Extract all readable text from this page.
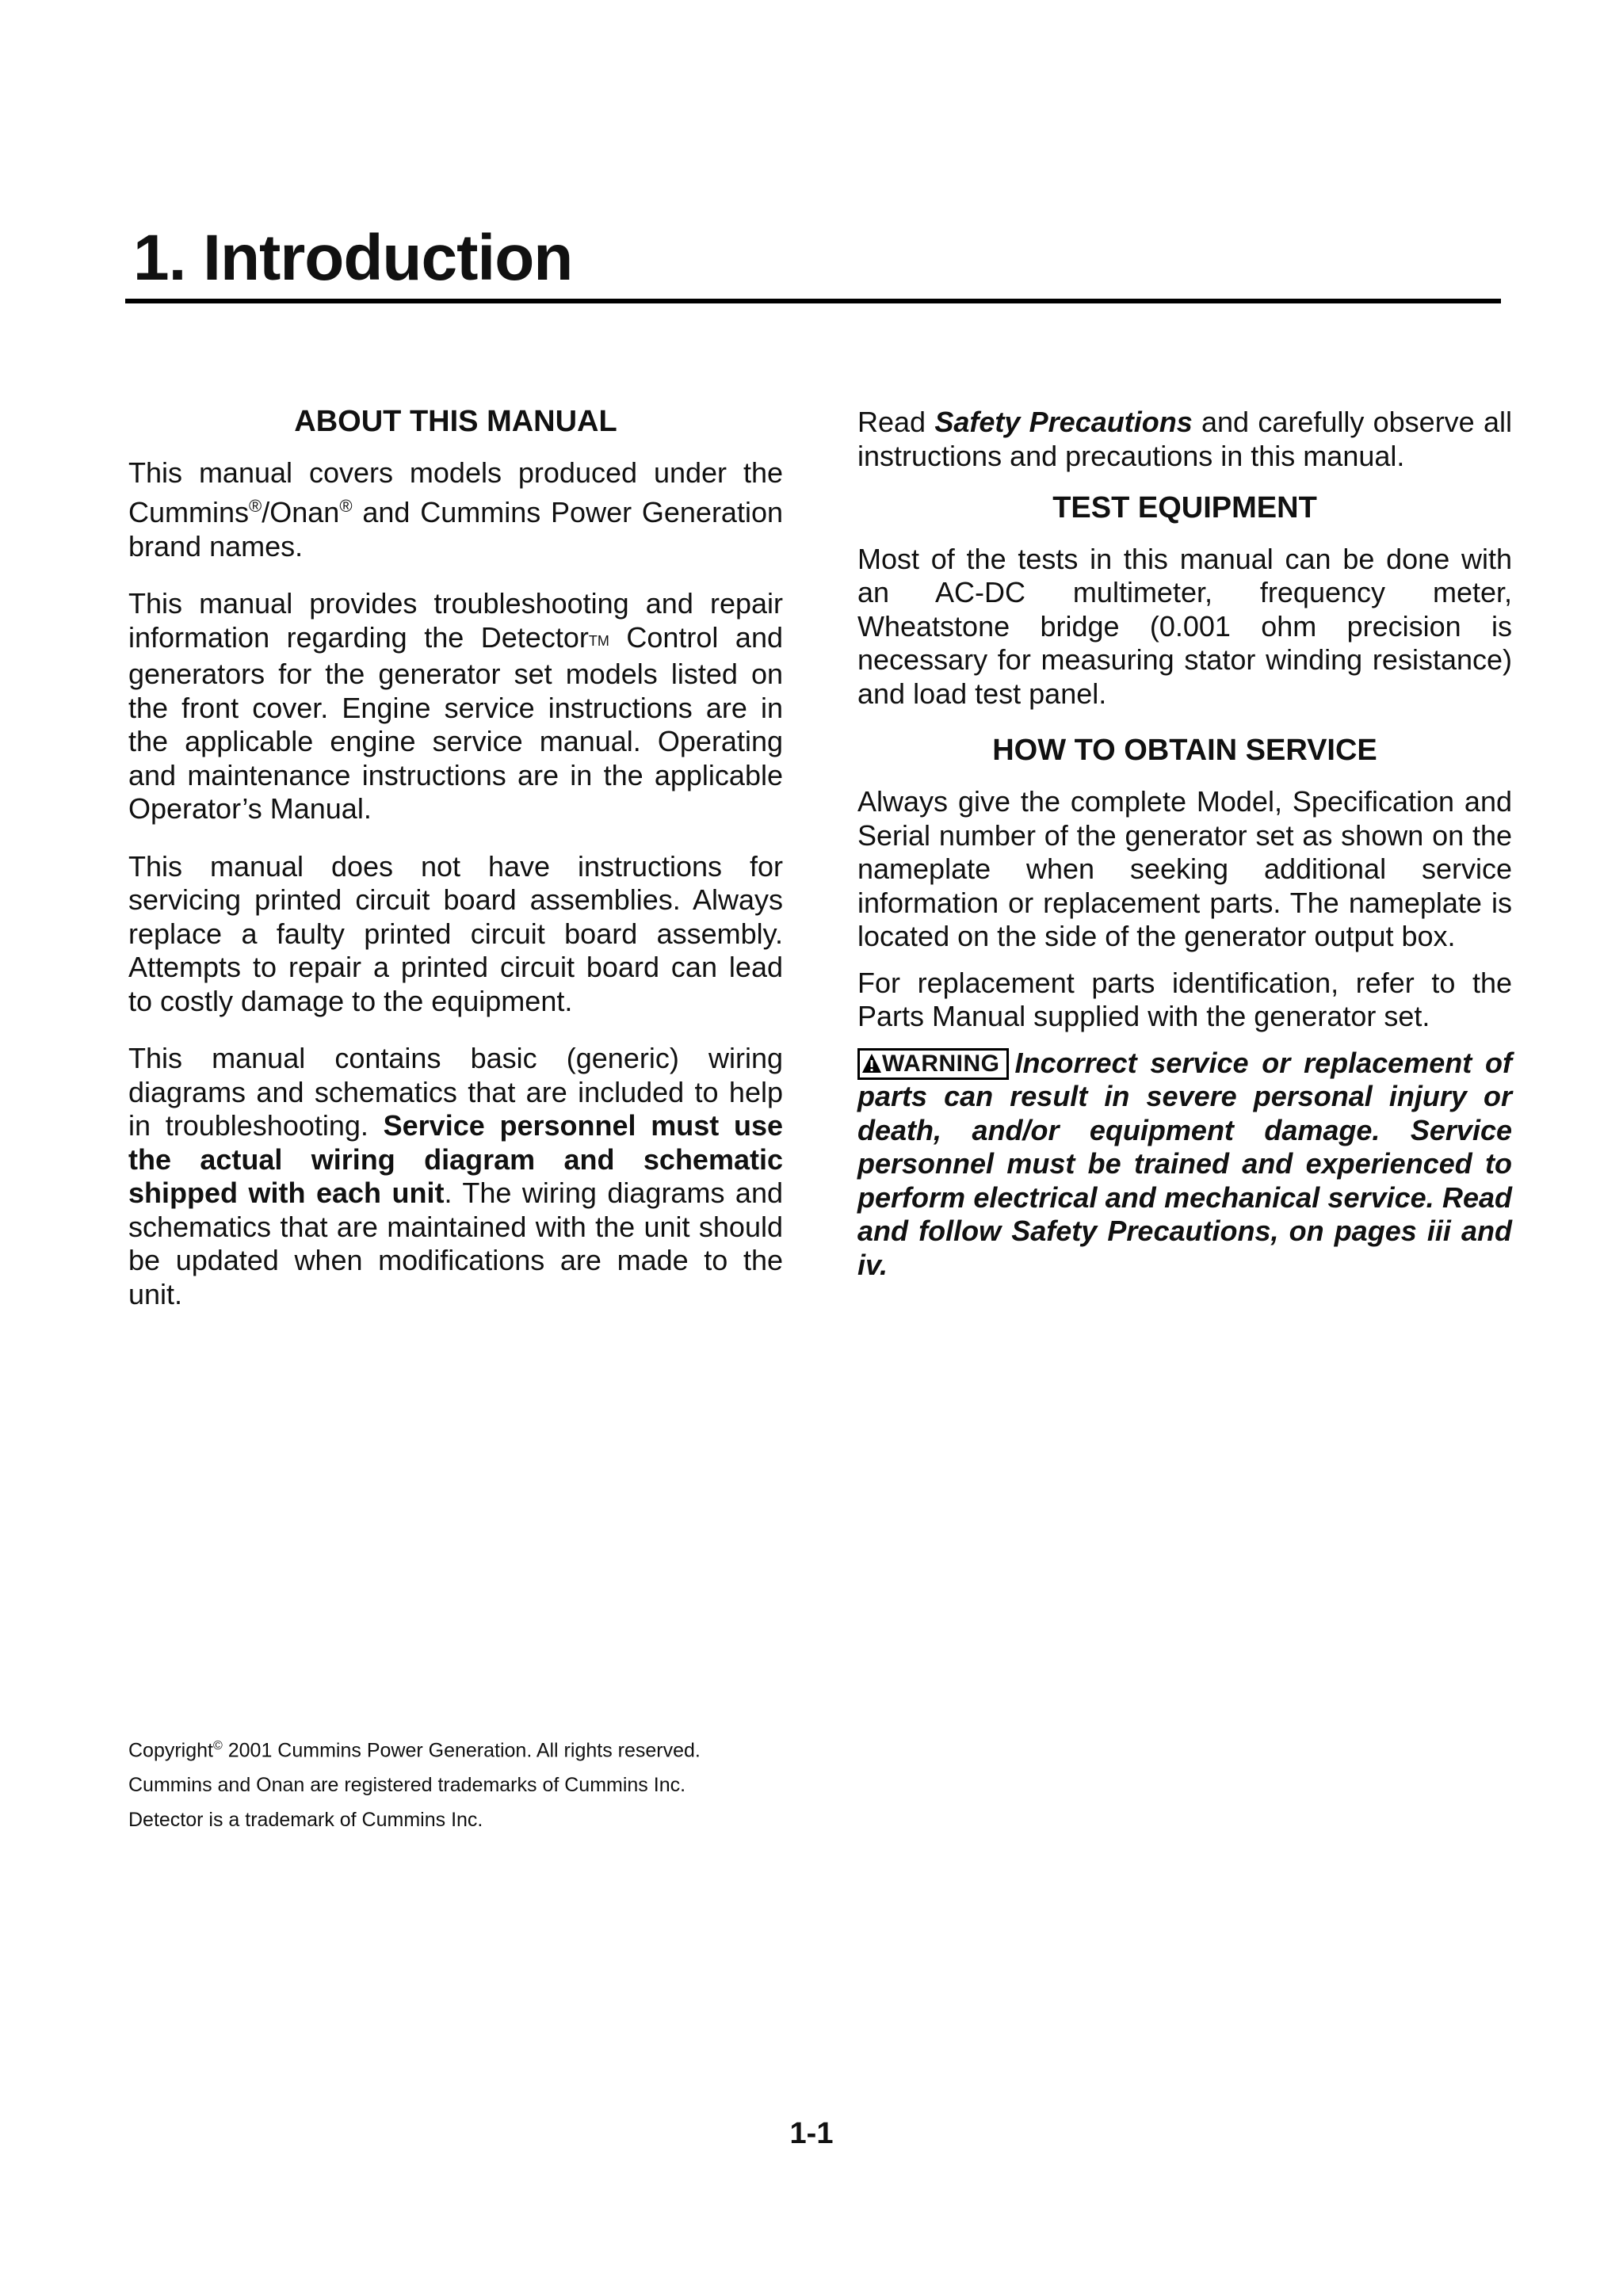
1. Introduction
ABOUT THIS MANUAL

This manual covers models produced under the Cummins®/Onan® and Cummins Power Generation brand names.

This manual provides troubleshooting and repair information regarding the DetectorTM Control and generators for the generator set models listed on the front cover. Engine service instructions are in the applicable engine service manual. Operating and maintenance instructions are in the applicable Operator’s Manual.

This manual does not have instructions for servicing printed circuit board assemblies. Always replace a faulty printed circuit board assembly. Attempts to repair a printed circuit board can lead to costly damage to the equipment.

This manual contains basic (generic) wiring diagrams and schematics that are included to help in troubleshooting. Service personnel must use the actual wiring diagram and schematic shipped with each unit. The wiring diagrams and schematics that are maintained with the unit should be updated when modifications are made to the unit.

Read Safety Precautions and carefully observe all instructions and precautions in this manual.

TEST EQUIPMENT

Most of the tests in this manual can be done with an AC-DC multimeter, frequency meter, Wheatstone bridge (0.001 ohm precision is necessary for measuring stator winding resistance) and load test panel.

HOW TO OBTAIN SERVICE

Always give the complete Model, Specification and Serial number of the generator set as shown on the nameplate when seeking additional service information or replacement parts. The nameplate is located on the side of the generator output box.

For replacement parts identification, refer to the Parts Manual supplied with the generator set.

WARNING Incorrect service or replacement of parts can result in severe personal injury or death, and/or equipment damage. Service personnel must be trained and experienced to perform electrical and mechanical service. Read and follow Safety Precautions, on pages iii and iv.

Copyright© 2001 Cummins Power Generation. All rights reserved.
Cummins and Onan are registered trademarks of Cummins Inc.
Detector is a trademark of Cummins Inc.
1-1
